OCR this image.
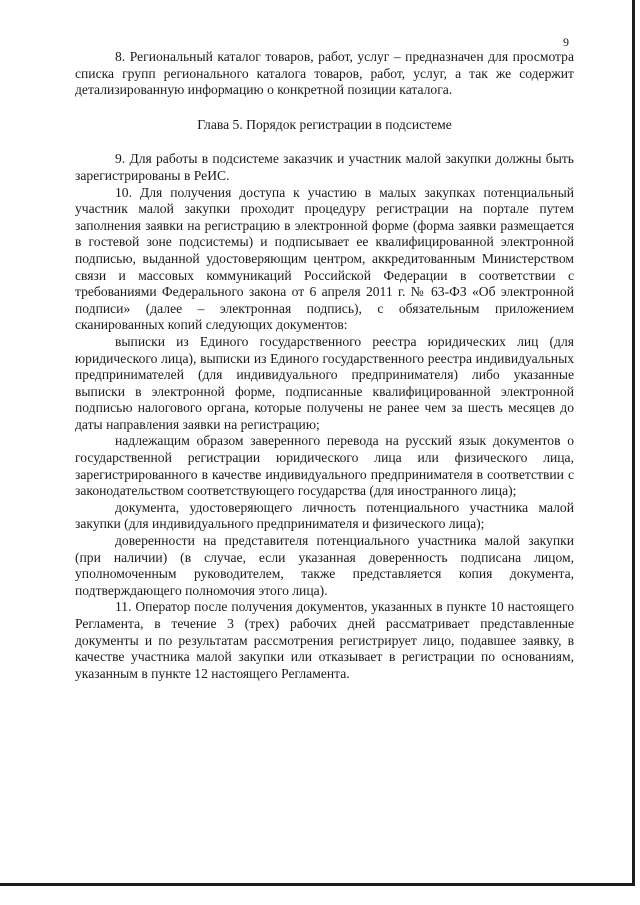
9

8. Региональный каталог товаров, работ, услуг – предназначен для просмотра списка групп регионального каталога товаров, работ, услуг, а так же содержит детализированную информацию о конкретной позиции каталога.

Глава 5. Порядок регистрации в подсистеме

9. Для работы в подсистеме заказчик и участник малой закупки должны быть зарегистрированы в РеИС.

10. Для получения доступа к участию в малых закупках потенциальный участник малой закупки проходит процедуру регистрации на портале путем заполнения заявки на регистрацию в электронной форме (форма заявки размещается в гостевой зоне подсистемы) и подписывает ее квалифицированной электронной подписью, выданной удостоверяющим центром, аккредитованным Министерством связи и массовых коммуникаций Российской Федерации в соответствии с требованиями Федерального закона от 6 апреля 2011 г. № 63-ФЗ «Об электронной подписи» (далее – электронная подпись), с обязательным приложением сканированных копий следующих документов:

выписки из Единого государственного реестра юридических лиц (для юридического лица), выписки из Единого государственного реестра индивидуальных предпринимателей (для индивидуального предпринимателя) либо указанные выписки в электронной форме, подписанные квалифицированной электронной подписью налогового органа, которые получены не ранее чем за шесть месяцев до даты направления заявки на регистрацию;

надлежащим образом заверенного перевода на русский язык документов о государственной регистрации юридического лица или физического лица, зарегистрированного в качестве индивидуального предпринимателя в соответствии с законодательством соответствующего государства (для иностранного лица);

документа, удостоверяющего личность потенциального участника малой закупки (для индивидуального предпринимателя и физического лица);

доверенности на представителя потенциального участника малой закупки (при наличии) (в случае, если указанная доверенность подписана лицом, уполномоченным руководителем, также представляется копия документа, подтверждающего полномочия этого лица).

11. Оператор после получения документов, указанных в пункте 10 настоящего Регламента, в течение 3 (трех) рабочих дней рассматривает представленные документы и по результатам рассмотрения регистрирует лицо, подавшее заявку, в качестве участника малой закупки или отказывает в регистрации по основаниям, указанным в пункте 12 настоящего Регламента.
